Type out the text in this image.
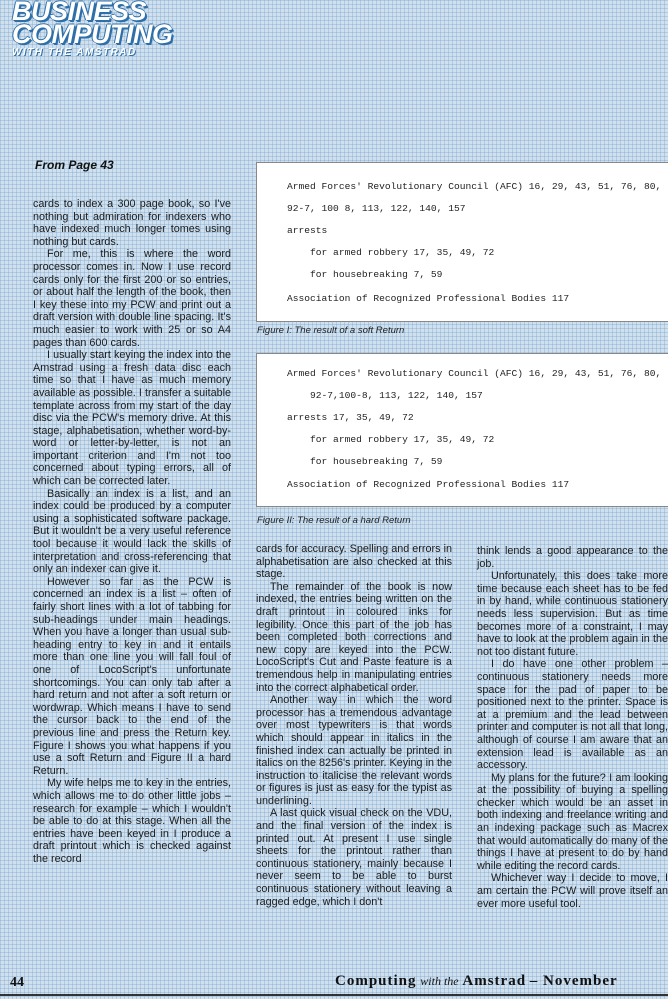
BUSINESS
COMPUTING
WITH THE AMSTRAD
From Page 43

cards to index a 300 page book, so I've nothing but admiration for indexers who have indexed much longer tomes using nothing but cards.

For me, this is where the word processor comes in. Now I use record cards only for the first 200 or so entries, or about half the length of the book, then I key these into my PCW and print out a draft version with double line spacing. It's much easier to work with 25 or so A4 pages than 600 cards.

I usually start keying the index into the Amstrad using a fresh data disc each time so that I have as much memory available as possible. I transfer a suitable template across from my start of the day disc via the PCW's memory drive. At this stage, alphabetisation, whether word-by-word or letter-by-letter, is not an important criterion and I'm not too concerned about typing errors, all of which can be corrected later.

Basically an index is a list, and an index could be produced by a computer using a sophisticated software package. But it wouldn't be a very useful reference tool because it would lack the skills of interpretation and cross-referencing that only an indexer can give it.

However so far as the PCW is concerned an index is a list – often of fairly short lines with a lot of tabbing for sub-headings under main headings. When you have a longer than usual sub-heading entry to key in and it entails more than one line you will fall foul of one of LocoScript's unfortunate shortcomings. You can only tab after a hard return and not after a soft return or wordwrap. Which means I have to send the cursor back to the end of the previous line and press the Return key. Figure I shows you what happens if you use a soft Return and Figure II a hard Return.

My wife helps me to key in the entries, which allows me to do other little jobs – research for example – which I wouldn't be able to do at this stage. When all the entries have been keyed in I produce a draft printout which is checked against the record

Armed Forces' Revolutionary Council (AFC) 16, 29, 43, 51, 76, 80,

92-7, 100 8, 113, 122, 140, 157

arrests

for armed robbery 17, 35, 49, 72

for housebreaking 7, 59

Association of Recognized Professional Bodies 117

Figure I: The result of a soft Return

Armed Forces' Revolutionary Council (AFC) 16, 29, 43, 51, 76, 80,

92-7,100-8, 113, 122, 140, 157

arrests 17, 35, 49, 72

for armed robbery 17, 35, 49, 72

for housebreaking 7, 59

Association of Recognized Professional Bodies 117

Figure II: The result of a hard Return

cards for accuracy. Spelling and errors in alphabetisation are also checked at this stage.

The remainder of the book is now indexed, the entries being written on the draft printout in coloured inks for legibility. Once this part of the job has been completed both corrections and new copy are keyed into the PCW. LocoScript's Cut and Paste feature is a tremendous help in manipulating entries into the correct alphabetical order.

Another way in which the word processor has a tremendous advantage over most typewriters is that words which should appear in italics in the finished index can actually be printed in italics on the 8256's printer. Keying in the instruction to italicise the relevant words or figures is just as easy for the typist as underlining.

A last quick visual check on the VDU, and the final version of the index is printed out. At present I use single sheets for the printout rather than continuous stationery, mainly because I never seem to be able to burst continuous stationery without leaving a ragged edge, which I don't

think lends a good appearance to the job.

Unfortunately, this does take more time because each sheet has to be fed in by hand, while continuous stationery needs less supervision. But as time becomes more of a constraint, I may have to look at the problem again in the not too distant future.

I do have one other problem – continuous stationery needs more space for the pad of paper to be positioned next to the printer. Space is at a premium and the lead between printer and computer is not all that long, although of course I am aware that an extension lead is available as an accessory.

My plans for the future? I am looking at the possibility of buying a spelling checker which would be an asset in both indexing and freelance writing and an indexing package such as Macrex that would automatically do many of the things I have at present to do by hand while editing the record cards.

Whichever way I decide to move, I am certain the PCW will prove itself an ever more useful tool.

44	Computing with the Amstrad – November
